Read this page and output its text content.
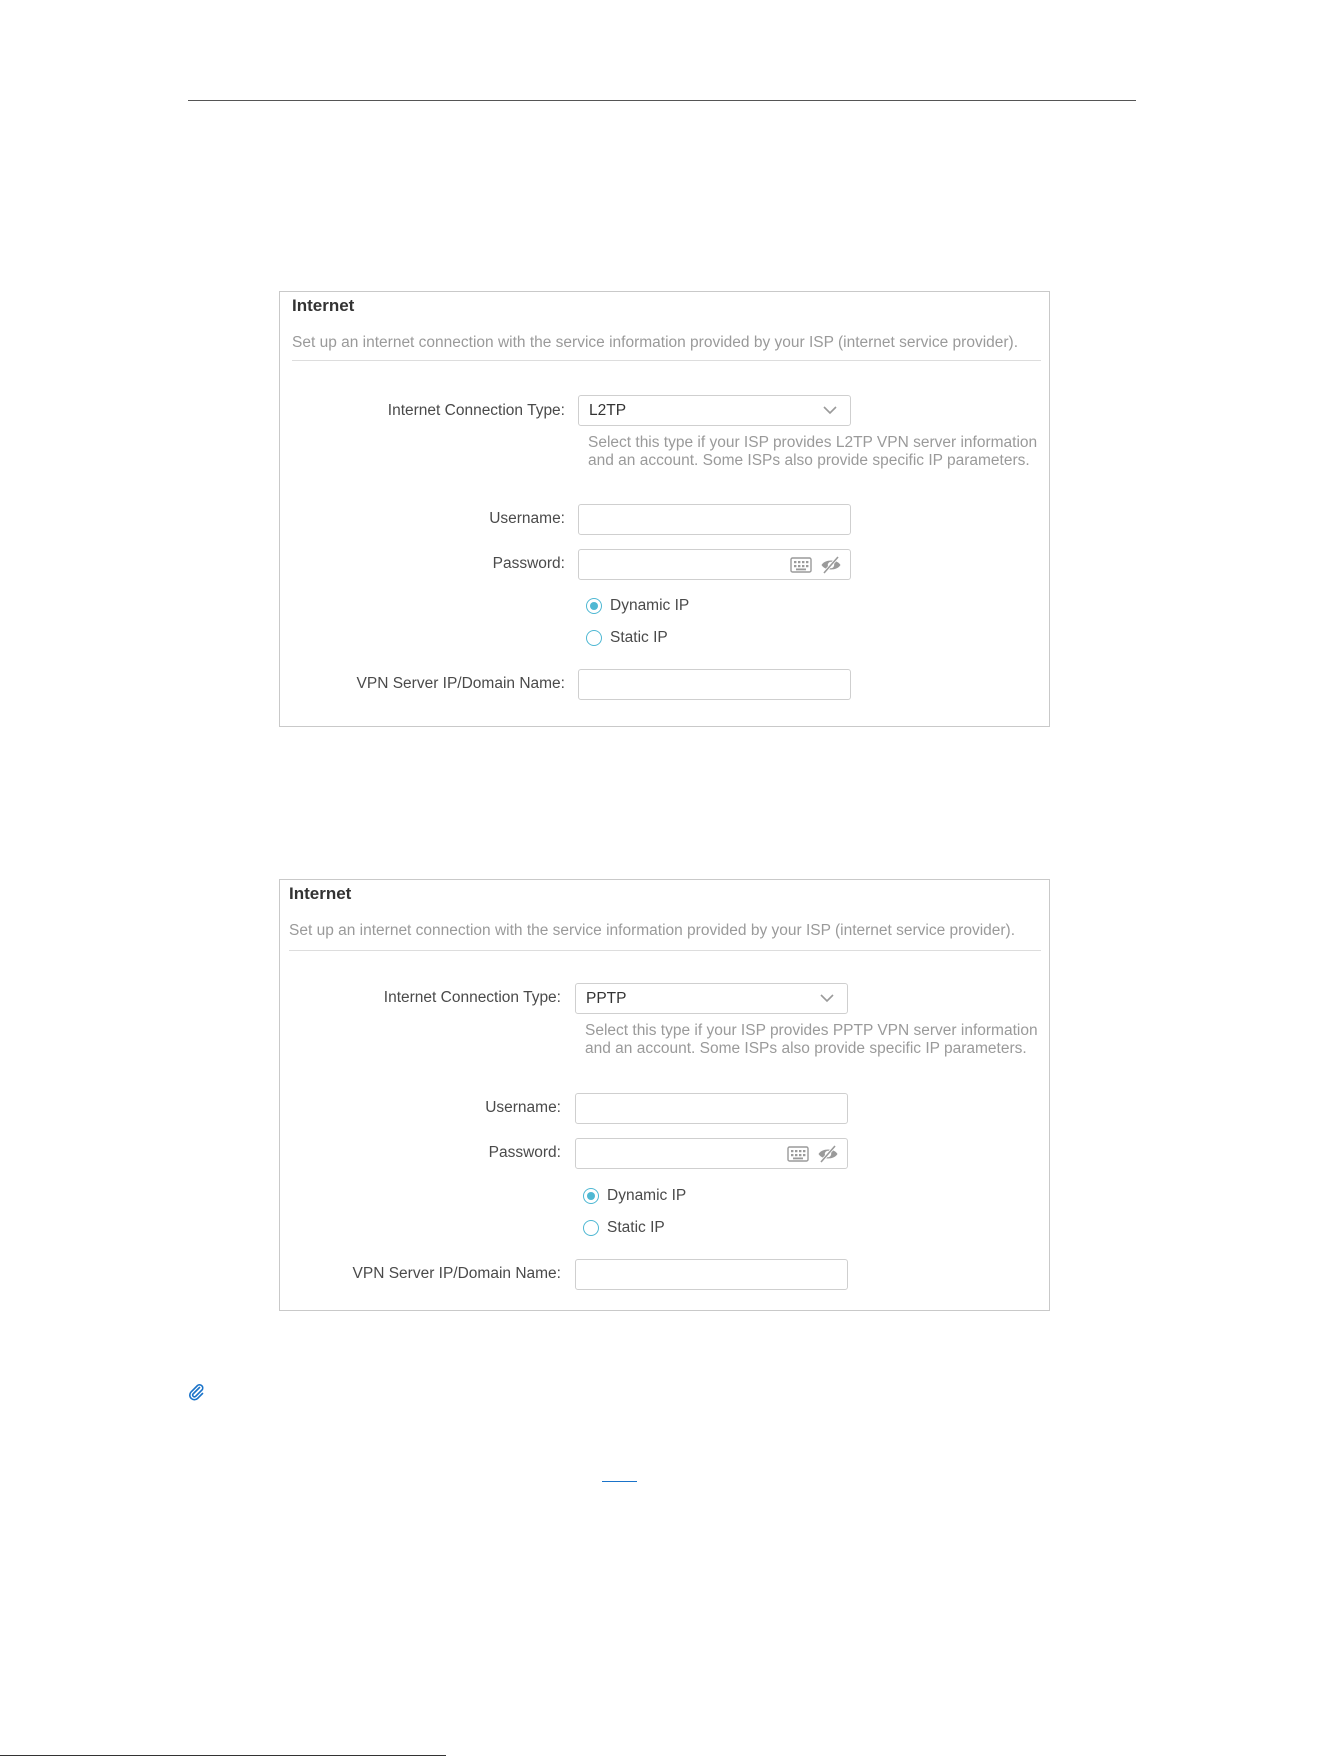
Internet
Set up an internet connection with the service information provided by your ISP (internet service provider).
Internet Connection Type: L2TP
Select this type if your ISP provides L2TP VPN server information and an account. Some ISPs also provide specific IP parameters.
Username:
Password:
Dynamic IP
Static IP
VPN Server IP/Domain Name:
Internet
Set up an internet connection with the service information provided by your ISP (internet service provider).
Internet Connection Type: PPTP
Select this type if your ISP provides PPTP VPN server information and an account. Some ISPs also provide specific IP parameters.
Username:
Password:
Dynamic IP
Static IP
VPN Server IP/Domain Name:
